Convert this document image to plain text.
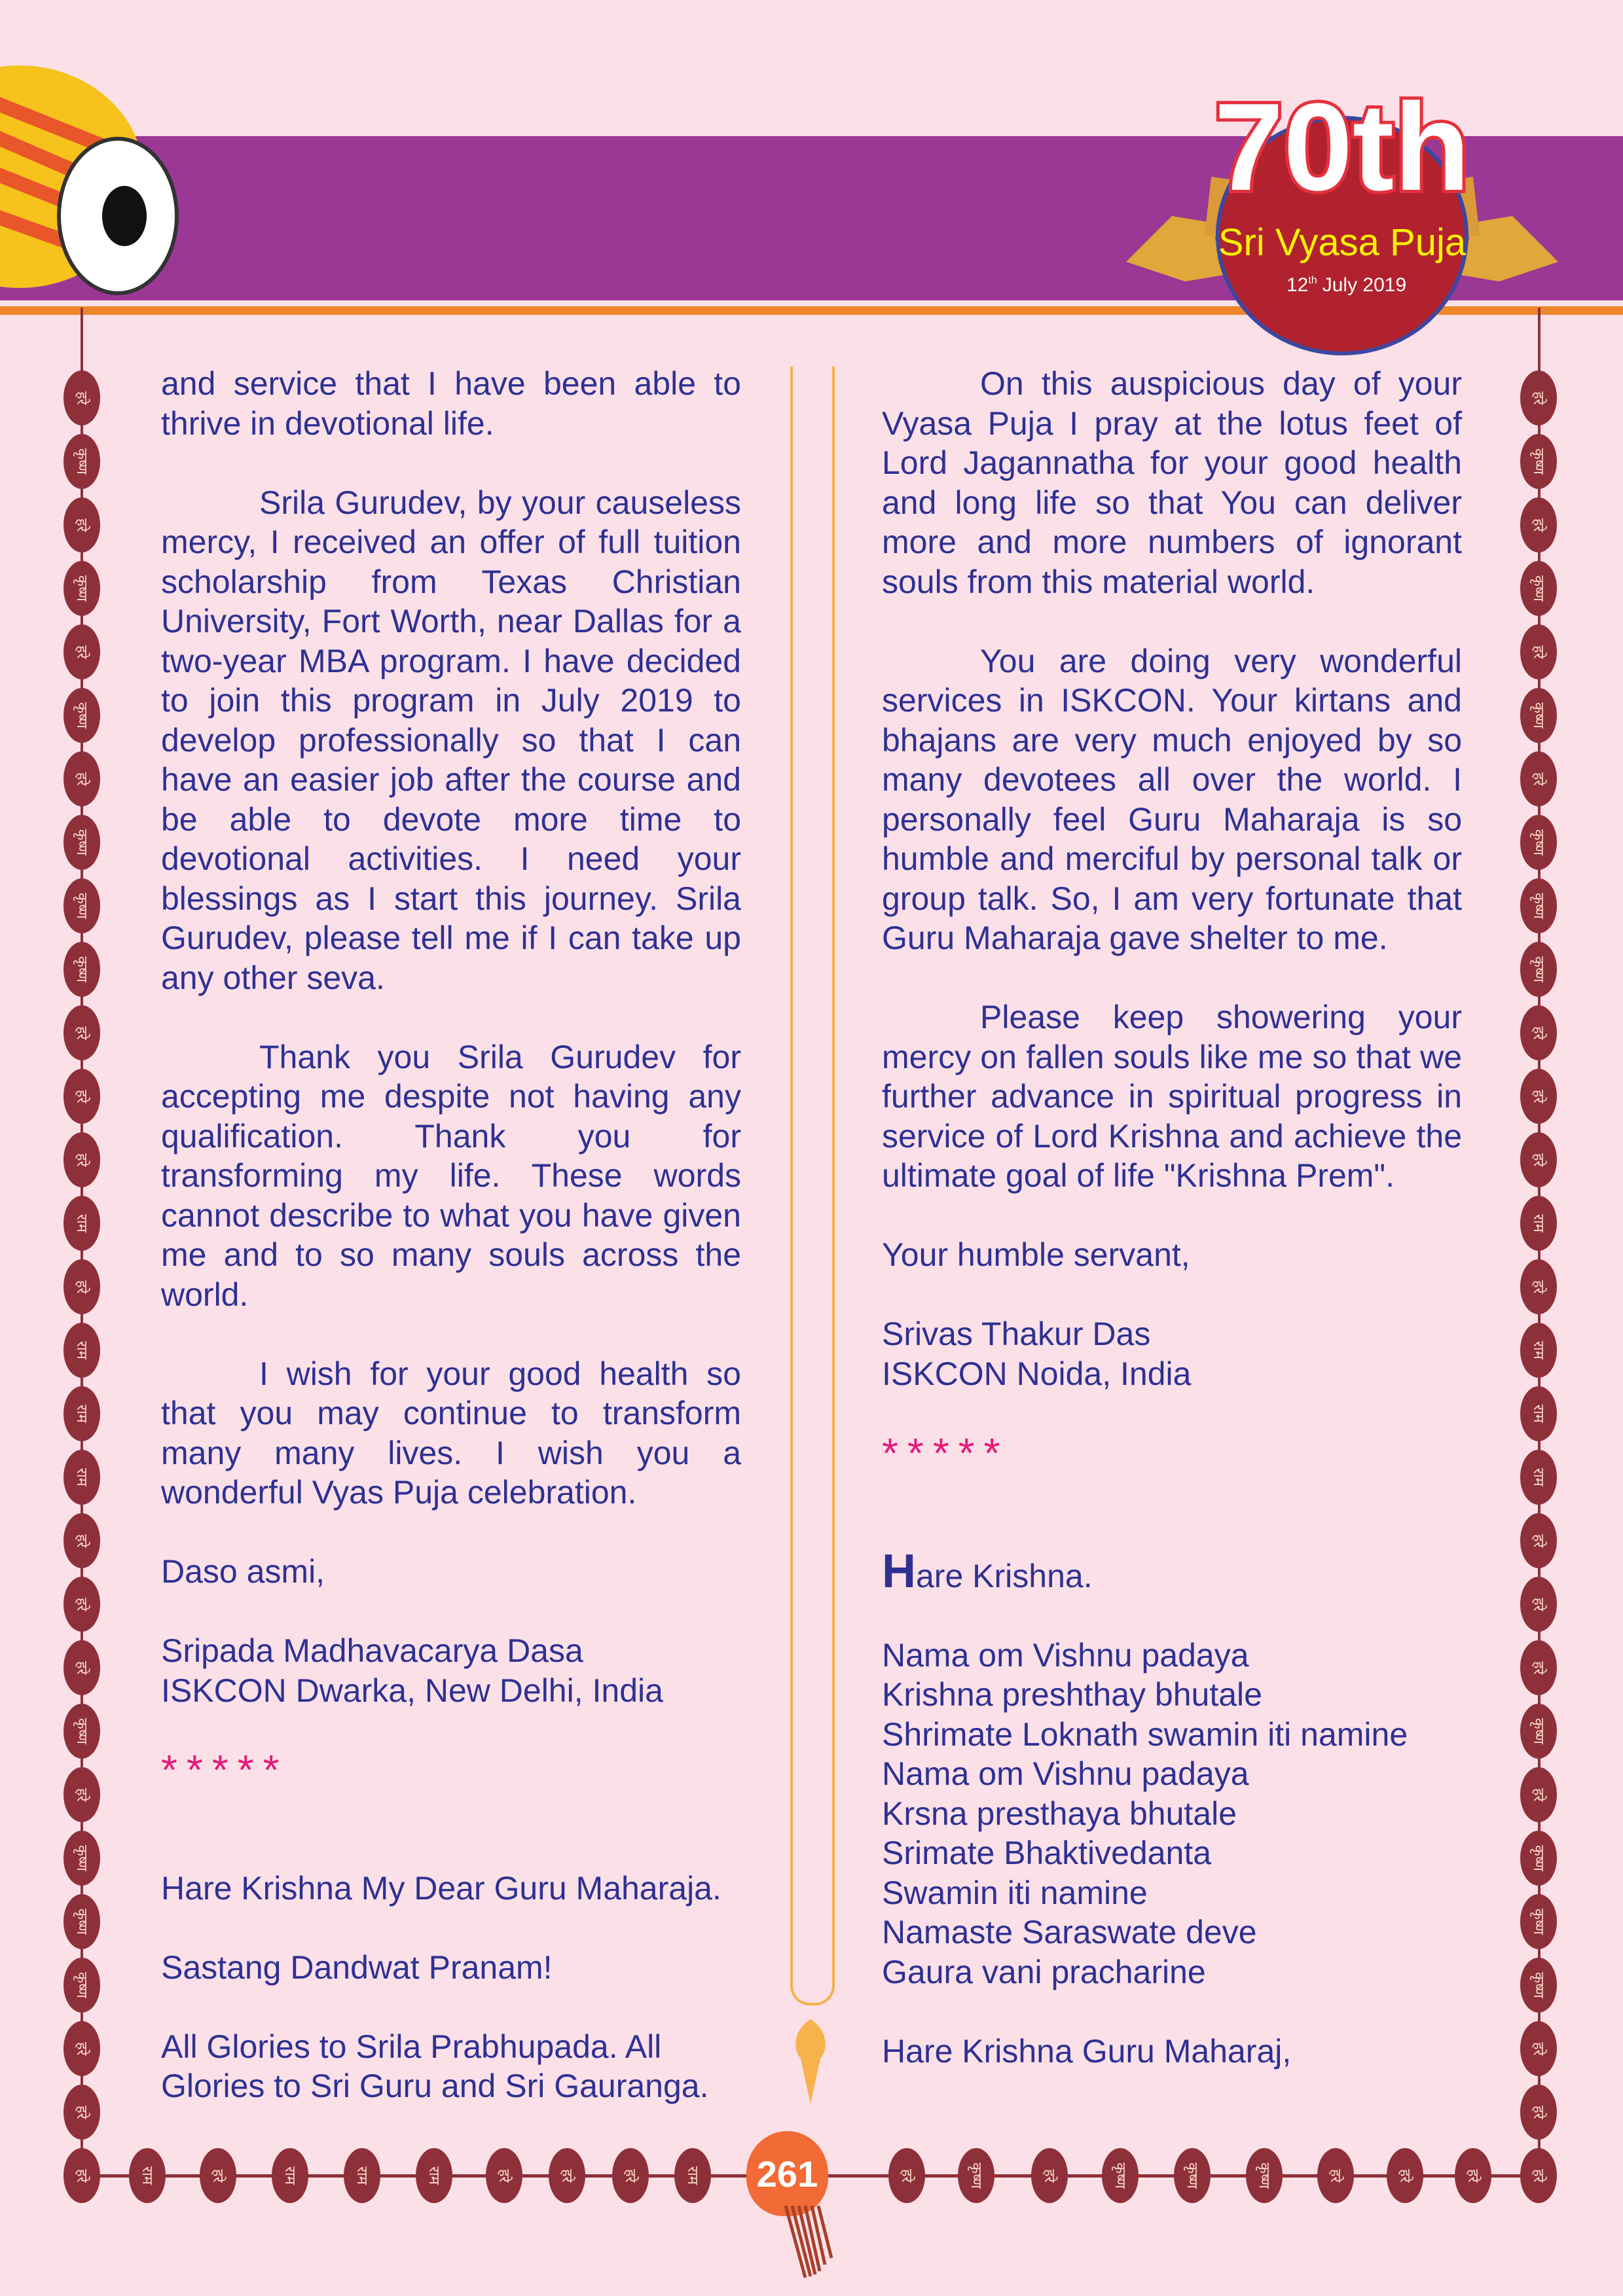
70th
Sri Vyasa Puja
12th July 2019

and service that I have been able to thrive in devotional life.

Srila Gurudev, by your causeless mercy, I received an offer of full tuition scholarship from Texas Christian University, Fort Worth, near Dallas for a two-year MBA program. I have decided to join this program in July 2019 to develop professionally so that I can have an easier job after the course and be able to devote more time to devotional activities. I need your blessings as I start this journey. Srila Gurudev, please tell me if I can take up any other seva.

Thank you Srila Gurudev for accepting me despite not having any qualification. Thank you for transforming my life. These words cannot describe to what you have given me and to so many souls across the world.

I wish for your good health so that you may continue to transform many many lives. I wish you a wonderful Vyas Puja celebration.

Daso asmi,

Sripada Madhavacarya Dasa
ISKCON Dwarka, New Delhi, India

*****

Hare Krishna My Dear Guru Maharaja.

Sastang Dandwat Pranam!

All Glories to Srila Prabhupada. All Glories to Sri Guru and Sri Gauranga.

On this auspicious day of your Vyasa Puja I pray at the lotus feet of Lord Jagannatha for your good health and long life so that You can deliver more and more numbers of ignorant souls from this material world.

You are doing very wonderful services in ISKCON. Your kirtans and bhajans are very much enjoyed by so many devotees all over the world. I personally feel Guru Maharaja is so humble and merciful by personal talk or group talk. So, I am very fortunate that Guru Maharaja gave shelter to me.

Please keep showering your mercy on fallen souls like me so that we further advance in spiritual progress in service of Lord Krishna and achieve the ultimate goal of life "Krishna Prem".

Your humble servant,

Srivas Thakur Das
ISKCON Noida, India

*****

Hare Krishna.

Nama om Vishnu padaya
Krishna preshthay bhutale
Shrimate Loknath swamin iti namine
Nama om Vishnu padaya
Krsna presthaya bhutale
Srimate Bhaktivedanta
Swamin iti namine
Namaste Saraswate deve
Gaura vani pracharine

Hare Krishna Guru Maharaj,

हरे	हरे
कृष्ण	कृष्ण
हरे	हरे
कृष्ण	कृष्ण
हरे	हरे
कृष्ण	कृष्ण
हरे	हरे
कृष्ण	कृष्ण
कृष्ण	कृष्ण
कृष्ण	कृष्ण
हरे	हरे
हरे	हरे
हरे	हरे
राम	राम
हरे	हरे
राम	राम
राम	राम
राम	राम
हरे	हरे
हरे	हरे
हरे	हरे
कृष्ण	कृष्ण
हरे	हरे
कृष्ण	कृष्ण
कृष्ण	कृष्ण
कृष्ण	कृष्ण
हरे	हरे
हरे	हरे
हरे	राम	हरे	राम	राम	राम	हरे	हरे	हरे	राम	हरे	कृष्ण	हरे	कृष्ण	कृष्ण	कृष्ण	हरे	हरे	हरे	हरे
261
